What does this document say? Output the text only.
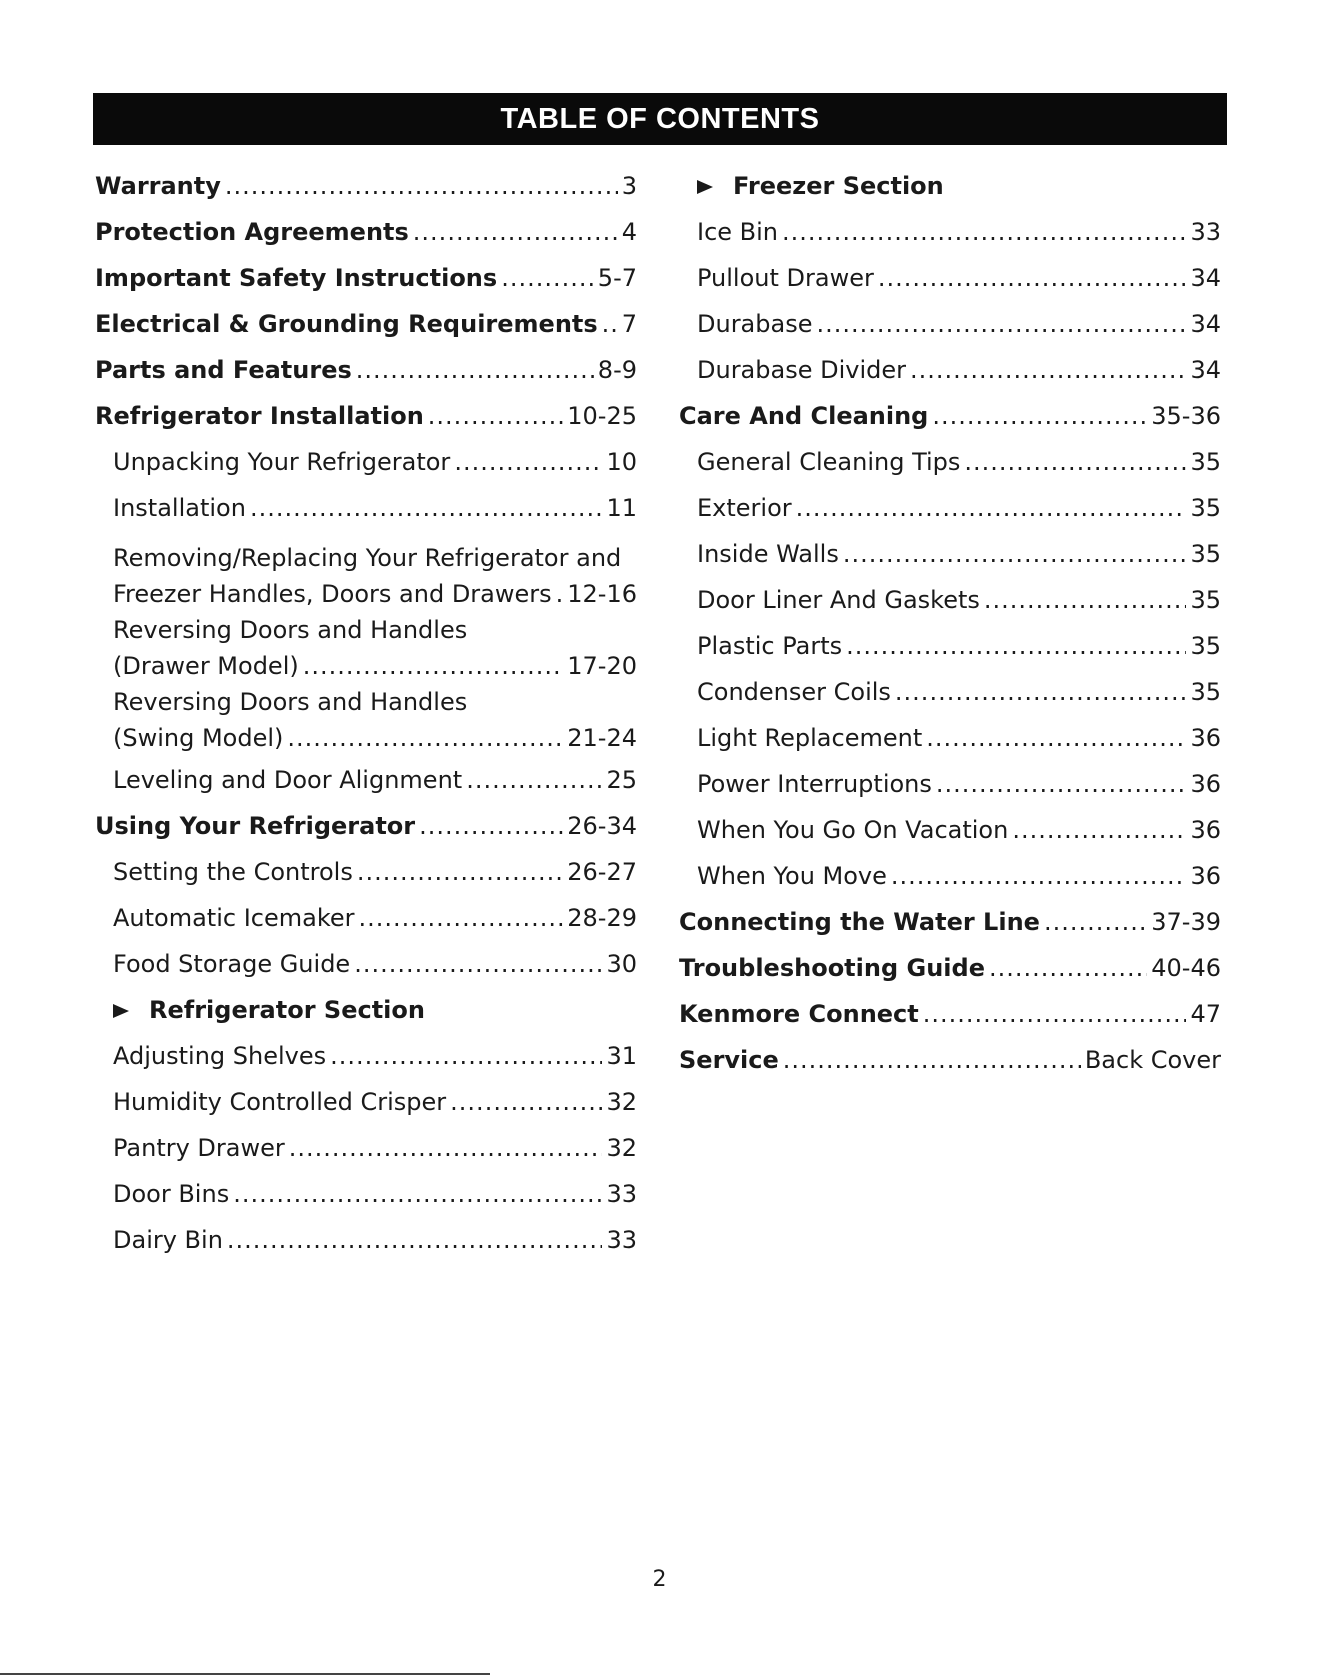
TABLE OF CONTENTS
Warranty .....	3
Protection Agreements .....	4
Important Safety Instructions .....	5-7
Electrical & Grounding Requirements ..... 7
Parts and Features .....	8-9
Refrigerator Installation .....	10-25
Unpacking Your Refrigerator .....	10
Installation .....	11
Removing/Replacing Your Refrigerator and
Freezer Handles, Doors and Drawers ..... 12-16
Reversing Doors and Handles
(Drawer Model) .....	17-20
Reversing Doors and Handles
(Swing Model) .....	21-24
Leveling and Door Alignment .....	25
Using Your Refrigerator .....	26-34
Setting the Controls .....	26-27
Automatic Icemaker .....	28-29
Food Storage Guide .....	30
Refrigerator Section
Adjusting Shelves .....	31
Humidity Controlled Crisper .....	32
Pantry Drawer .....	32
Door Bins .....	33
Dairy Bin .....	33
Freezer Section
Ice Bin .....	33
Pullout Drawer .....	34
Durabase .....	34
Durabase Divider .....	34
Care And Cleaning .....	35-36
General Cleaning Tips .....	35
Exterior .....	35
Inside Walls .....	35
Door Liner And Gaskets .....	35
Plastic Parts .....	35
Condenser Coils .....	35
Light Replacement .....	36
Power Interruptions .....	36
When You Go On Vacation .....	36
When You Move .....	36
Connecting the Water Line .....	37-39
Troubleshooting Guide .....	40-46
Kenmore Connect .....	47
Service .....	Back Cover
2
